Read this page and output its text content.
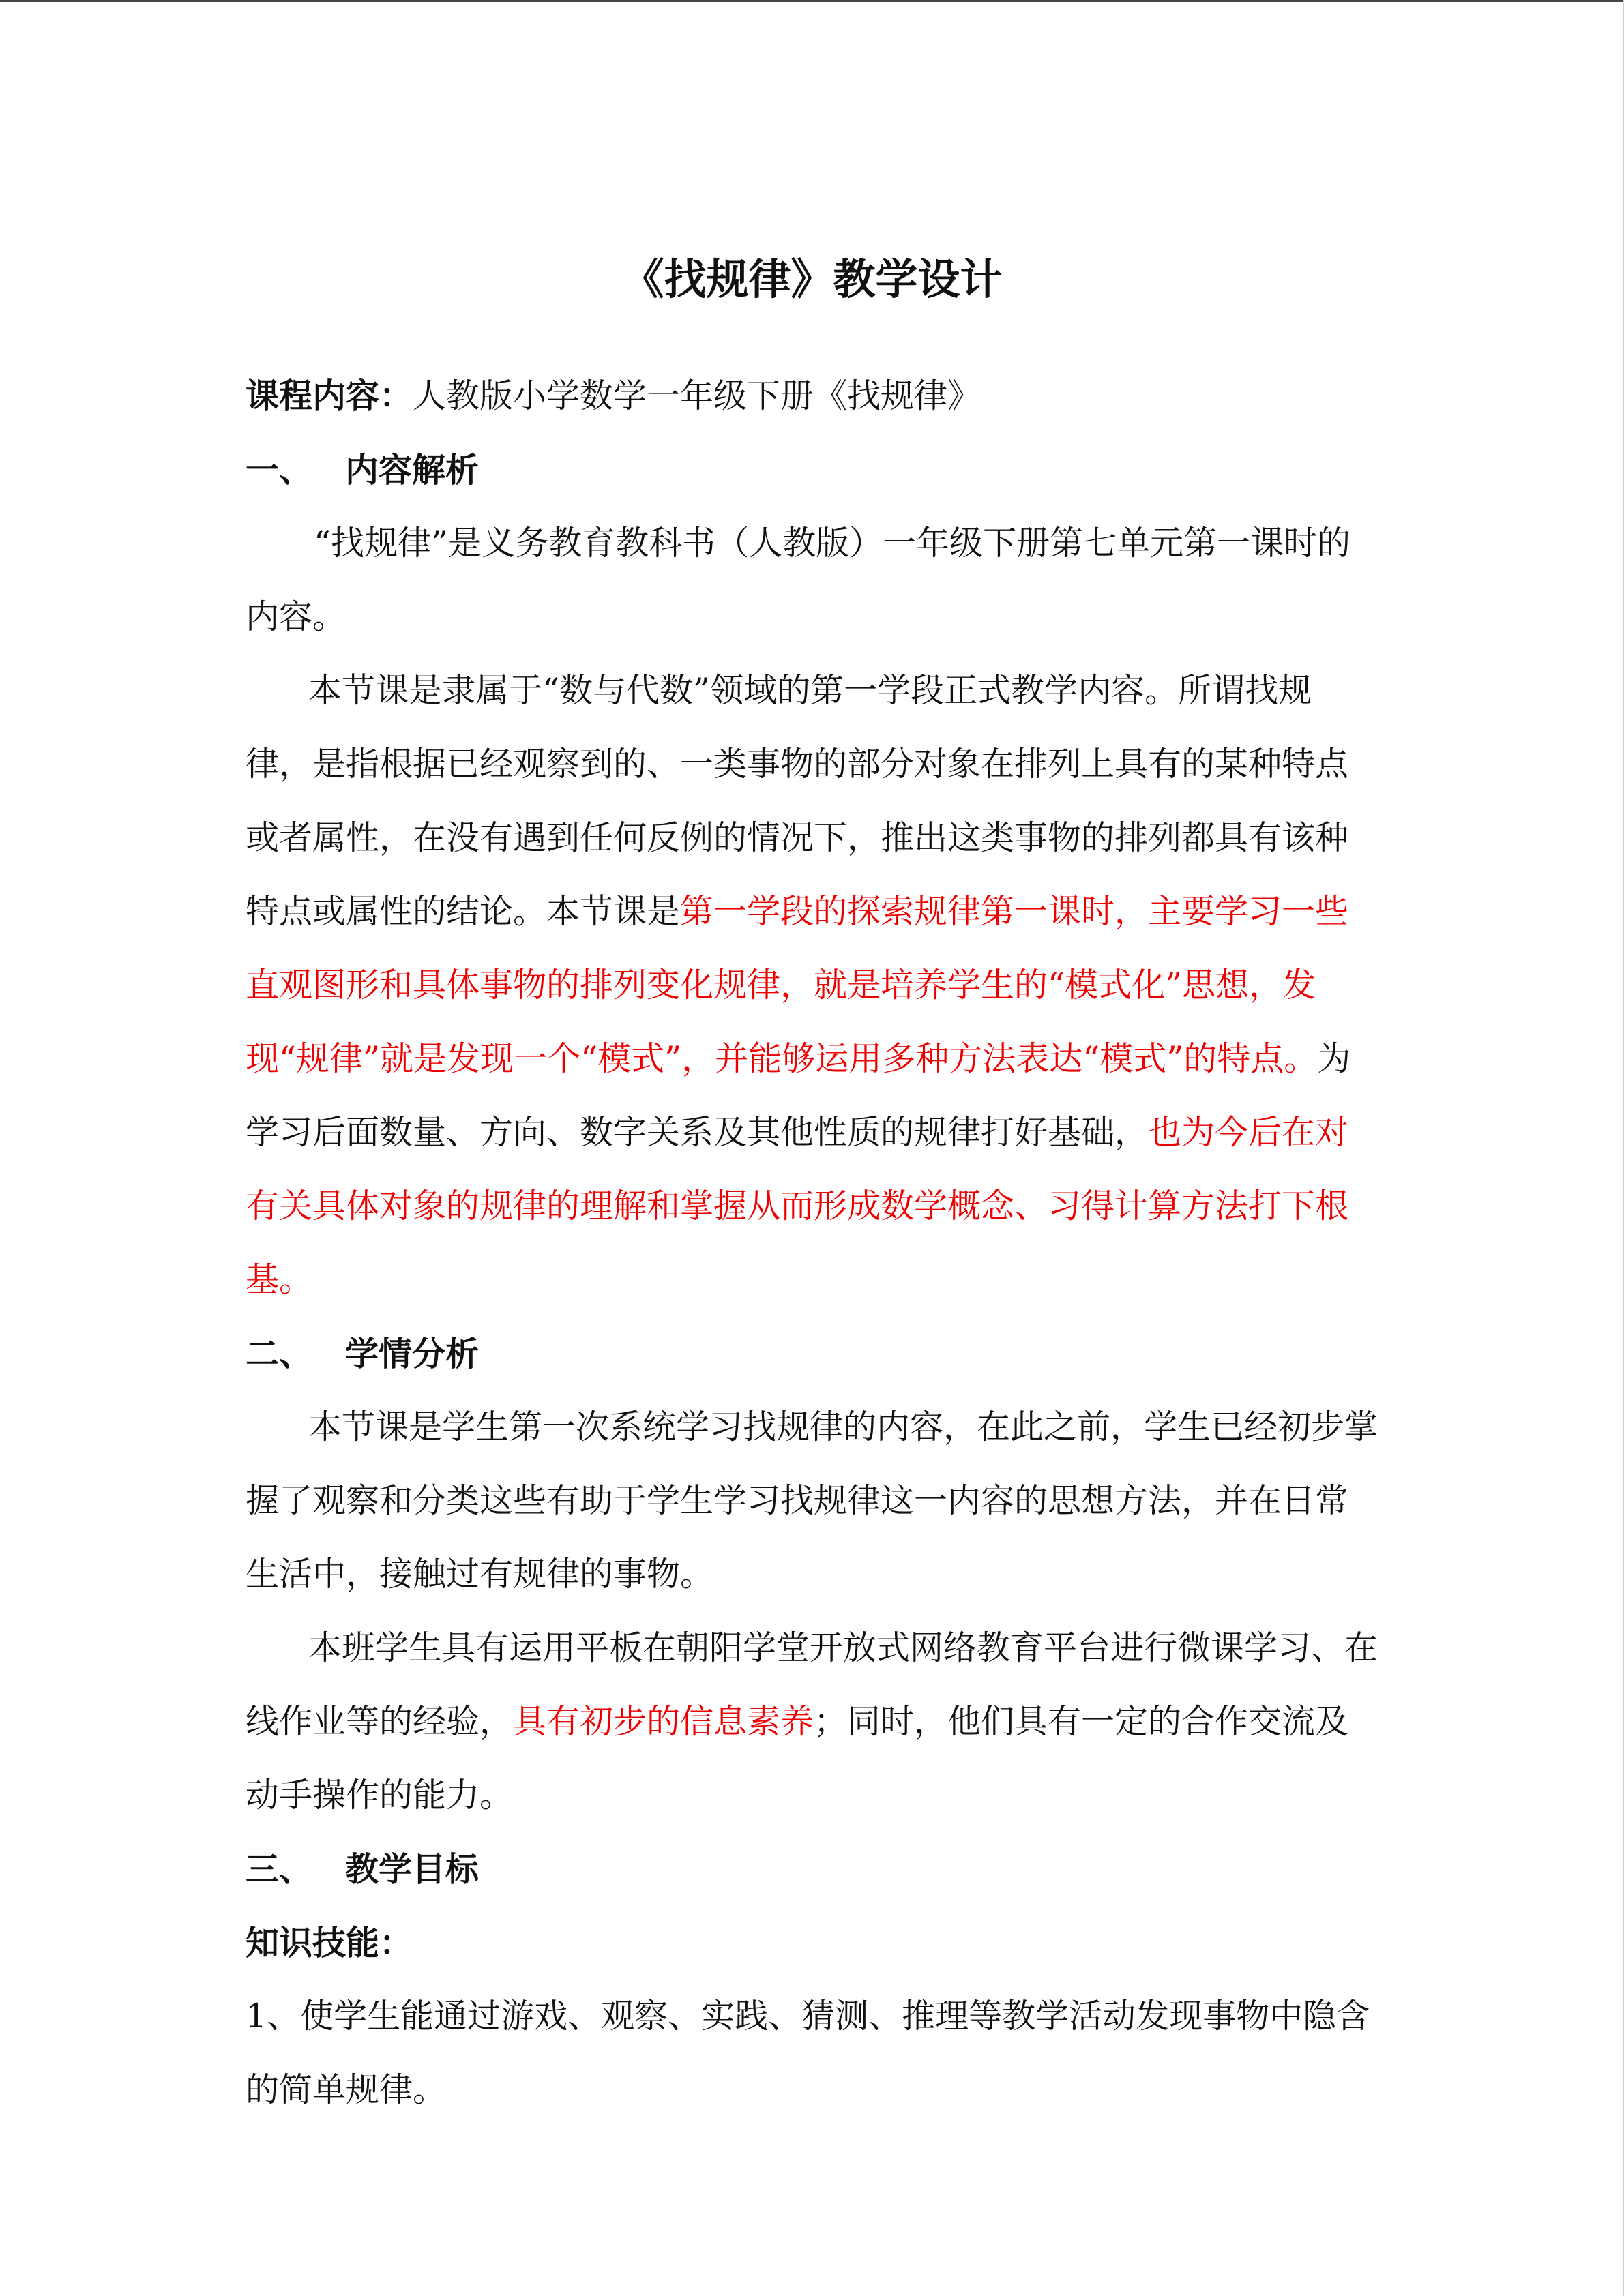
《找规律》教学设计

课程内容：人教版小学数学一年级下册《找规律》

一、 内容解析

“找规律”是义务教育教科书（人教版）一年级下册第七单元第一课时的内容。

本节课是隶属于“数与代数”领域的第一学段正式教学内容。所谓找规律，是指根据已经观察到的、一类事物的部分对象在排列上具有的某种特点或者属性，在没有遇到任何反例的情况下，推出这类事物的排列都具有该种特点或属性的结论。本节课是第一学段的探索规律第一课时，主要学习一些直观图形和具体事物的排列变化规律，就是培养学生的“模式化”思想，发现“规律”就是发现一个“模式”，并能够运用多种方法表达“模式”的特点。为学习后面数量、方向、数字关系及其他性质的规律打好基础，也为今后在对有关具体对象的规律的理解和掌握从而形成数学概念、习得计算方法打下根基。

二、 学情分析

本节课是学生第一次系统学习找规律的内容，在此之前，学生已经初步掌握了观察和分类这些有助于学生学习找规律这一内容的思想方法，并在日常生活中，接触过有规律的事物。

本班学生具有运用平板在朝阳学堂开放式网络教育平台进行微课学习、在线作业等的经验，具有初步的信息素养；同时，他们具有一定的合作交流及动手操作的能力。

三、 教学目标

知识技能：

1、使学生能通过游戏、观察、实践、猜测、推理等教学活动发现事物中隐含的简单规律。
